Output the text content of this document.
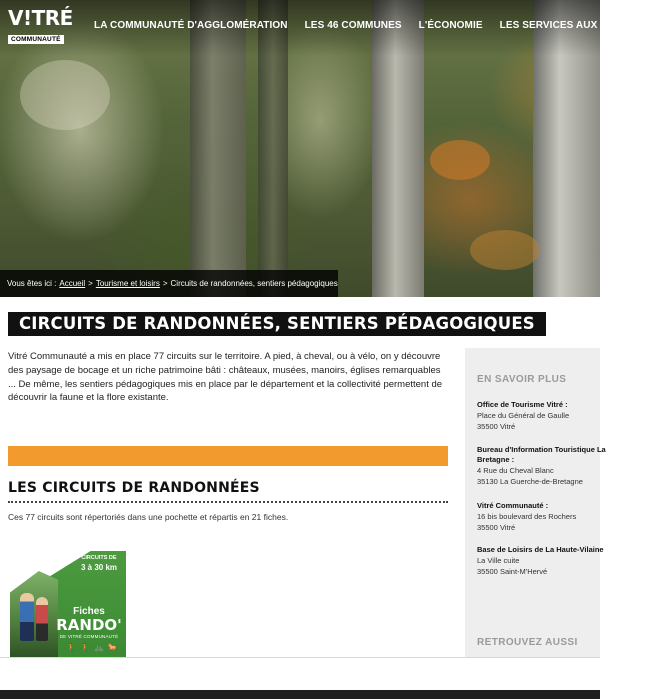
V!TRÉ
COMMUNAUTÉ
LA COMMUNAUTÉ D'AGGLOMÉRATION LES 46 COMMUNES L'ÉCONOMIE LES SERVICES AUX USAGERS
Vous êtes ici : Accueil > Tourisme et loisirs > Circuits de randonnées, sentiers pédagogiques
CIRCUITS DE RANDONNÉES, SENTIERS PÉDAGOGIQUES

Vitré Communauté a mis en place 77 circuits sur le territoire. A pied, à cheval, ou à vélo, on y découvre des paysage de bocage et un riche patrimoine bâti : châteaux, musées, manoirs, églises remarquables ... De même, les sentiers pédagogiques mis en place par le département et la collectivité permettent de découvrir la faune et la flore existante.

LES CIRCUITS DE RANDONNÉES

Ces 77 circuits sont répertoriés dans une pochette et répartis en 21 fiches.

CIRCUITS DE
3 à 30 km
Fiches
RANDO'
DE VITRÉ COMMUNAUTÉ
🚶 🚶 🚲 🐎
EN SAVOIR PLUS
Office de Tourisme Vitré :
Place du Général de Gaulle
35500 Vitré
Bureau d'Information Touristique La
Bretagne :
4 Rue du Cheval Blanc
35130 La Guerche-de-Bretagne
Vitré Communauté :
16 bis boulevard des Rochers
35500 Vitré
Base de Loisirs de La Haute-Vilaine
La Ville cuite
35500 Saint-M'Hervé
RETROUVEZ AUSSI
